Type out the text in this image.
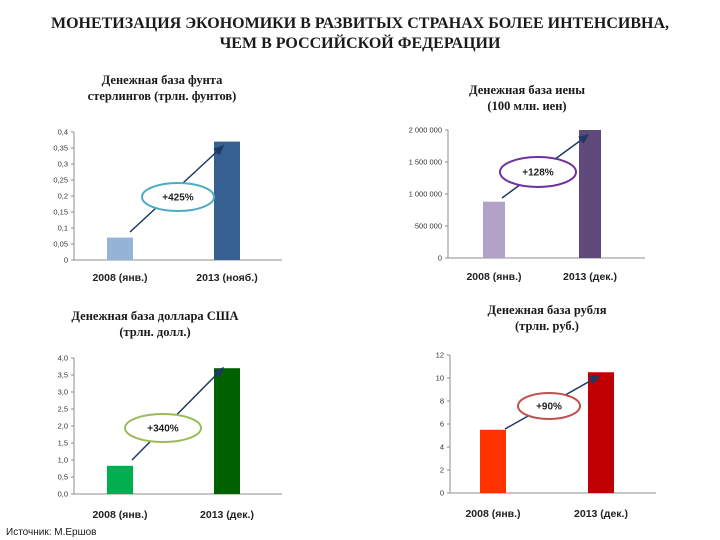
МОНЕТИЗАЦИЯ ЭКОНОМИКИ В РАЗВИТЫХ СТРАНАХ БОЛЕЕ ИНТЕНСИВНА,
ЧЕМ В РОССИЙСКОЙ ФЕДЕРАЦИИ
Денежная база фунта
стерлингов (трлн. фунтов)
0
0,05
0,1
0,15
0,2
0,25
0,3
0,35
0,4
2008 (янв.)	2013 (нояб.)
+425%
Денежная база иены
(100 млн. иен)
0
500 000
1 000 000
1 500 000
2 000 000
2008 (янв.)	2013 (дек.)
+128%
Денежная база доллара США
(трлн. долл.)
0,0
0,5
1,0
1,5
2,0
2,5
3,0
3,5
4,0
2008 (янв.)	2013 (дек.)
+340%
Денежная база рубля
(трлн. руб.)
0
2
4
6
8
10
12
2008 (янв.)	2013 (дек.)
+90%
Источник: М.Ершов
